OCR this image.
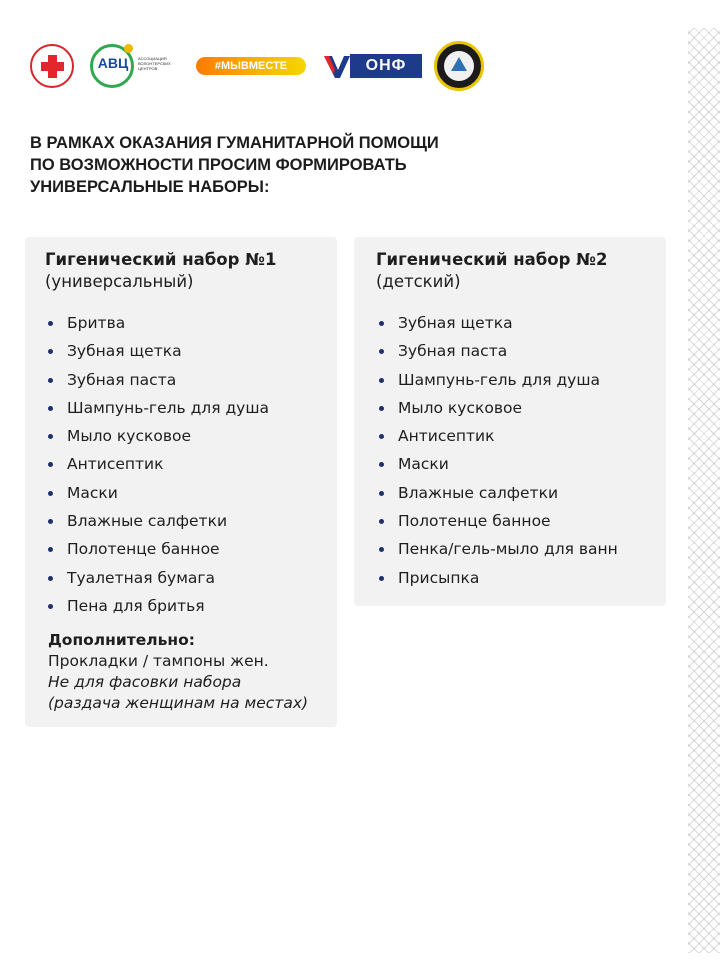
АВЦ	АССОЦИАЦИЯ ВОЛОНТЕРСКИХ ЦЕНТРОВ	#МЫВМЕСТЕ	ОНФ
В РАМКАХ ОКАЗАНИЯ ГУМАНИТАРНОЙ ПОМОЩИ
ПО ВОЗМОЖНОСТИ ПРОСИМ ФОРМИРОВАТЬ
УНИВЕРСАЛЬНЫЕ НАБОРЫ:
Гигенический набор №1
(универсальный)
Бритва
Зубная щетка
Зубная паста
Шампунь-гель для душа
Мыло кусковое
Антисептик
Маски
Влажные салфетки
Полотенце банное
Туалетная бумага
Пена для бритья
Дополнительно:
Прокладки / тампоны жен.
Не для фасовки набора
(раздача женщинам на местах)
Гигенический набор №2
(детский)
Зубная щетка
Зубная паста
Шампунь-гель для душа
Мыло кусковое
Антисептик
Маски
Влажные салфетки
Полотенце банное
Пенка/гель-мыло для ванн
Присыпка
